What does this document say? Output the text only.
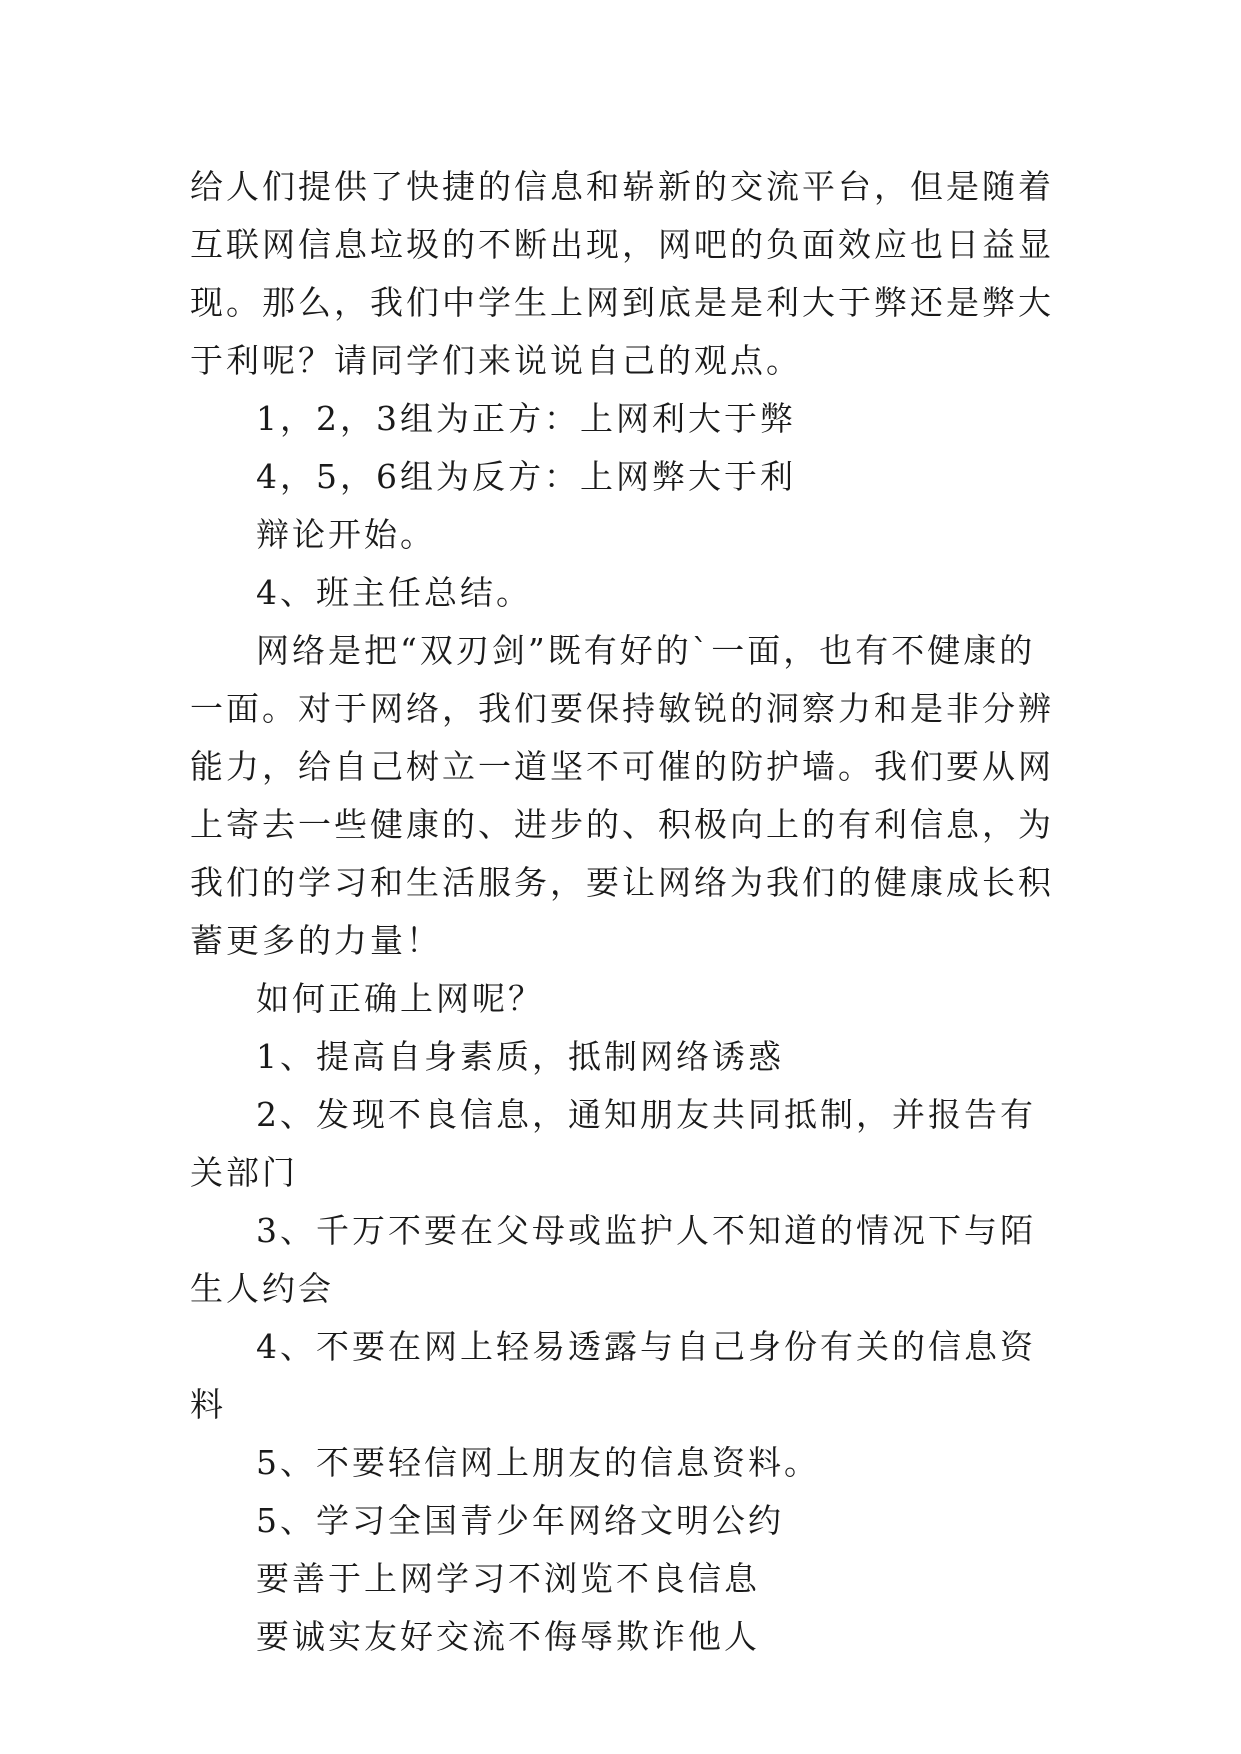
给人们提供了快捷的信息和崭新的交流平台，但是随着互联网信息垃圾的不断出现，网吧的负面效应也日益显现。那么，我们中学生上网到底是是利大于弊还是弊大于利呢？请同学们来说说自己的观点。

1，2，3组为正方：上网利大于弊

4，5，6组为反方：上网弊大于利

辩论开始。

4、班主任总结。

网络是把“双刃剑”既有好的`一面，也有不健康的一面。对于网络，我们要保持敏锐的洞察力和是非分辨能力，给自己树立一道坚不可催的防护墙。我们要从网上寄去一些健康的、进步的、积极向上的有利信息，为我们的学习和生活服务，要让网络为我们的健康成长积蓄更多的力量！

如何正确上网呢？

1、提高自身素质，抵制网络诱惑

2、发现不良信息，通知朋友共同抵制，并报告有关部门

3、千万不要在父母或监护人不知道的情况下与陌生人约会

4、不要在网上轻易透露与自己身份有关的信息资料

5、不要轻信网上朋友的信息资料。

5、学习全国青少年网络文明公约

要善于上网学习不浏览不良信息

要诚实友好交流不侮辱欺诈他人
